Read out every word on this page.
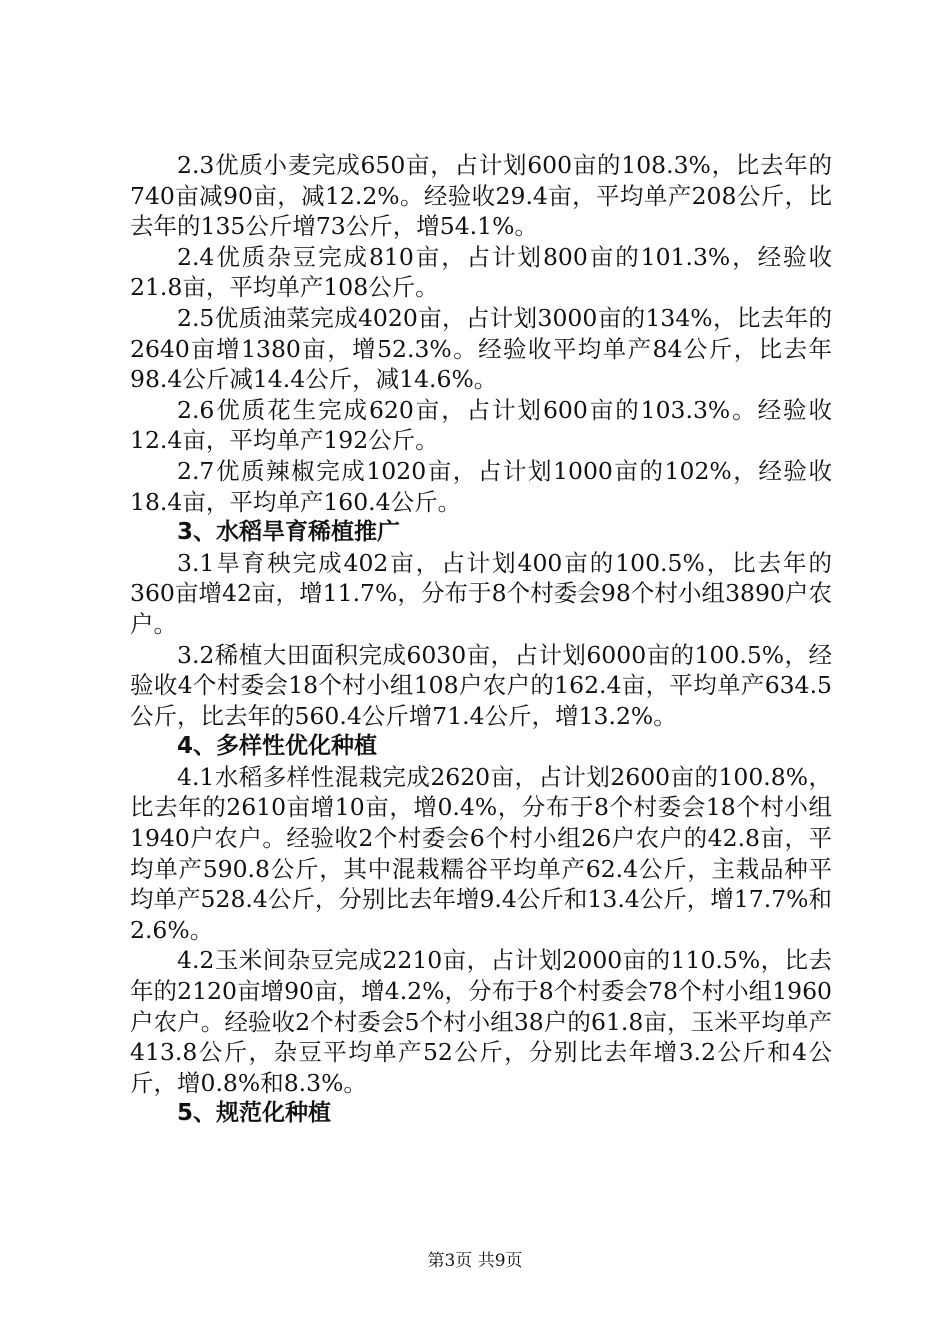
2.3优质小麦完成650亩，占计划600亩的108.3%，比去年的740亩减90亩，减12.2%。经验收29.4亩，平均单产208公斤，比去年的135公斤增73公斤，增54.1%。

2.4优质杂豆完成810亩，占计划800亩的101.3%，经验收21.8亩，平均单产108公斤。

2.5优质油菜完成4020亩，占计划3000亩的134%，比去年的2640亩增1380亩，增52.3%。经验收平均单产84公斤，比去年98.4公斤减14.4公斤，减14.6%。

2.6优质花生完成620亩，占计划600亩的103.3%。经验收12.4亩，平均单产192公斤。

2.7优质辣椒完成1020亩，占计划1000亩的102%，经验收18.4亩，平均单产160.4公斤。

3、水稻旱育稀植推广

3.1旱育秧完成402亩，占计划400亩的100.5%，比去年的360亩增42亩，增11.7%，分布于8个村委会98个村小组3890户农户。

3.2稀植大田面积完成6030亩，占计划6000亩的100.5%，经验收4个村委会18个村小组108户农户的162.4亩，平均单产634.5公斤，比去年的560.4公斤增71.4公斤，增13.2%。

4、多样性优化种植

4.1水稻多样性混栽完成2620亩，占计划2600亩的100.8%，比去年的2610亩增10亩，增0.4%，分布于8个村委会18个村小组1940户农户。经验收2个村委会6个村小组26户农户的42.8亩，平均单产590.8公斤，其中混栽糯谷平均单产62.4公斤，主栽品种平均单产528.4公斤，分别比去年增9.4公斤和13.4公斤，增17.7%和2.6%。

4.2玉米间杂豆完成2210亩，占计划2000亩的110.5%，比去年的2120亩增90亩，增4.2%，分布于8个村委会78个村小组1960户农户。经验收2个村委会5个村小组38户的61.8亩，玉米平均单产413.8公斤，杂豆平均单产52公斤，分别比去年增3.2公斤和4公斤，增0.8%和8.3%。

5、规范化种植

第3页 共9页
